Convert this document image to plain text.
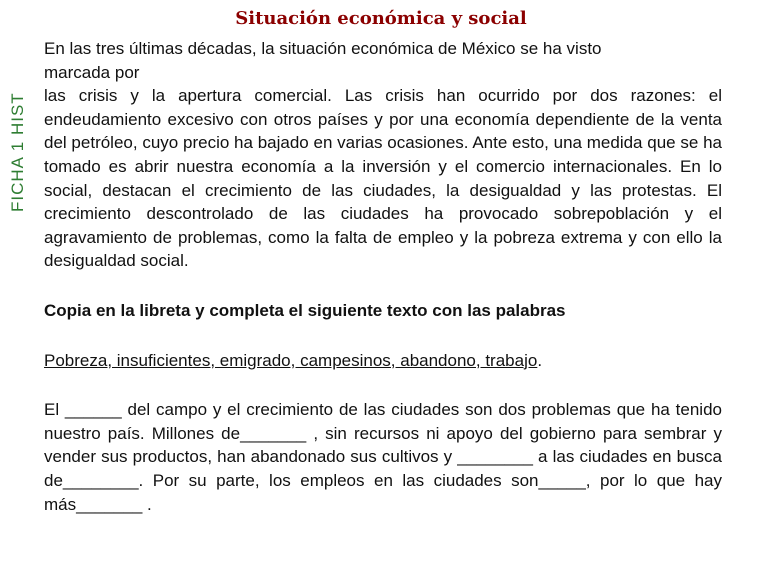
FICHA 1 HIST
Situación económica y social

En las tres últimas décadas, la situación económica de México se ha visto

marcada por

las crisis y la apertura comercial. Las crisis han ocurrido por dos razones: el endeudamiento excesivo con otros países y por una economía dependiente de la venta del petróleo, cuyo precio ha bajado en varias ocasiones. Ante esto, una medida que se ha tomado es abrir nuestra economía a la inversión y el comercio internacionales. En lo social, destacan el crecimiento de las ciudades, la desigualdad y las protestas. El crecimiento descontrolado de las ciudades ha provocado sobrepoblación y el agravamiento de problemas, como la falta de empleo y la pobreza extrema y con ello la desigualdad social.

Copia en la libreta y completa el siguiente texto con las palabras

Pobreza, insuficientes, emigrado, campesinos, abandono, trabajo.

El ______ del campo y el crecimiento de las ciudades son dos problemas que ha tenido nuestro país. Millones de_______ , sin recursos ni apoyo del gobierno para sembrar y vender sus productos, han abandonado sus cultivos y ________ a las ciudades en busca de________. Por su parte, los empleos en las ciudades son_____, por lo que hay más_______ .
